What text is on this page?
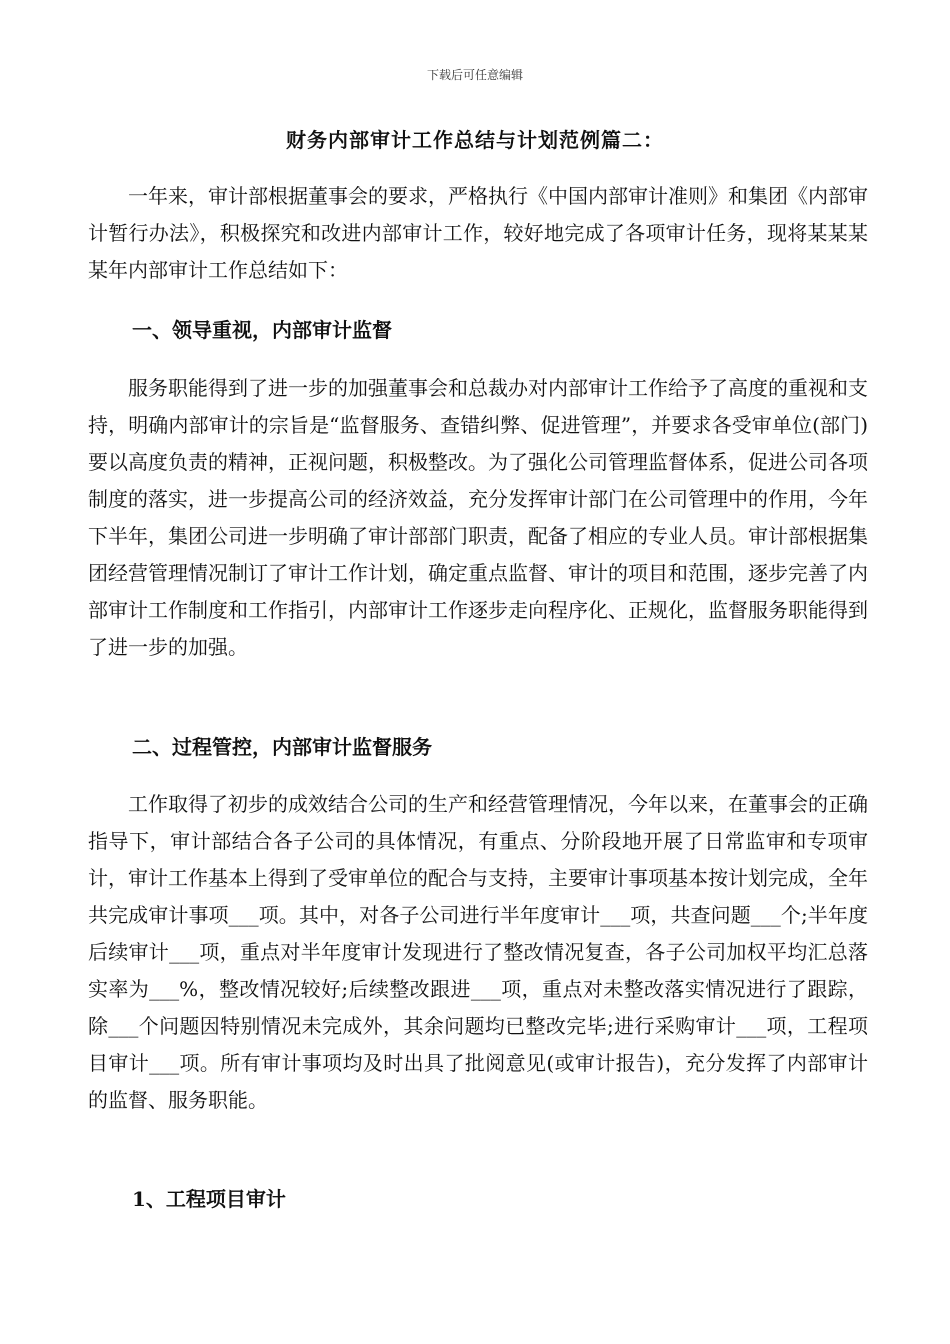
下载后可任意编辑
财务内部审计工作总结与计划范例篇二：

一年来，审计部根据董事会的要求，严格执行《中国内部审计准则》和集团《内部审计暂行办法》，积极探究和改进内部审计工作，较好地完成了各项审计任务，现将某某某某年内部审计工作总结如下：

一、领导重视，内部审计监督

服务职能得到了进一步的加强董事会和总裁办对内部审计工作给予了高度的重视和支持，明确内部审计的宗旨是“监督服务、查错纠弊、促进管理”，并要求各受审单位(部门)要以高度负责的精神，正视问题，积极整改。为了强化公司管理监督体系，促进公司各项制度的落实，进一步提高公司的经济效益，充分发挥审计部门在公司管理中的作用，今年下半年，集团公司进一步明确了审计部部门职责，配备了相应的专业人员。审计部根据集团经营管理情况制订了审计工作计划，确定重点监督、审计的项目和范围，逐步完善了内部审计工作制度和工作指引，内部审计工作逐步走向程序化、正规化，监督服务职能得到了进一步的加强。

二、过程管控，内部审计监督服务

工作取得了初步的成效结合公司的生产和经营管理情况，今年以来，在董事会的正确指导下，审计部结合各子公司的具体情况，有重点、分阶段地开展了日常监审和专项审计，审计工作基本上得到了受审单位的配合与支持，主要审计事项基本按计划完成，全年共完成审计事项___项。其中，对各子公司进行半年度审计___项，共查问题___个;半年度后续审计___项，重点对半年度审计发现进行了整改情况复查，各子公司加权平均汇总落实率为___%，整改情况较好;后续整改跟进___项，重点对未整改落实情况进行了跟踪，除___个问题因特别情况未完成外，其余问题均已整改完毕;进行采购审计___项，工程项目审计___项。所有审计事项均及时出具了批阅意见(或审计报告)，充分发挥了内部审计的监督、服务职能。

1、工程项目审计
